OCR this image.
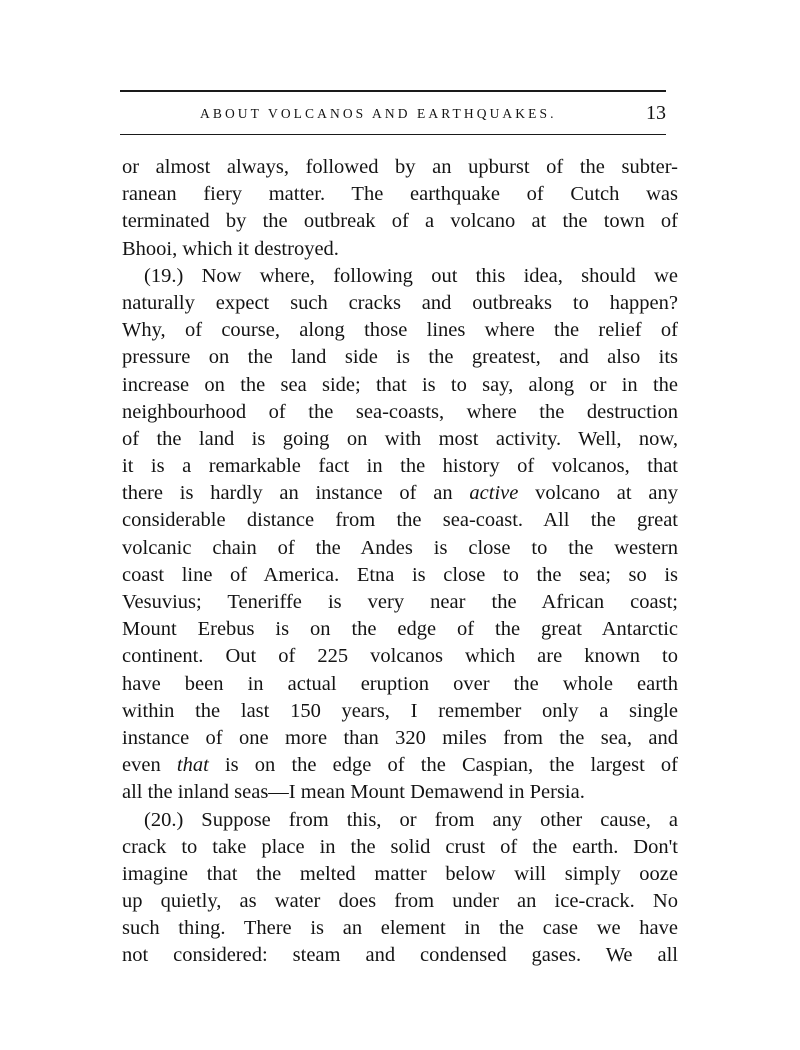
ABOUT VOLCANOS AND EARTHQUAKES.	13
or almost always, followed by an upburst of the subter-
ranean fiery matter. The earthquake of Cutch was
terminated by the outbreak of a volcano at the town of
Bhooi, which it destroyed.
(19.) Now where, following out this idea, should we
naturally expect such cracks and outbreaks to happen?
Why, of course, along those lines where the relief of
pressure on the land side is the greatest, and also its
increase on the sea side; that is to say, along or in the
neighbourhood of the sea-coasts, where the destruction
of the land is going on with most activity. Well, now,
it is a remarkable fact in the history of volcanos, that
there is hardly an instance of an active volcano at any
considerable distance from the sea-coast. All the great
volcanic chain of the Andes is close to the western
coast line of America. Etna is close to the sea; so is
Vesuvius; Teneriffe is very near the African coast;
Mount Erebus is on the edge of the great Antarctic
continent. Out of 225 volcanos which are known to
have been in actual eruption over the whole earth
within the last 150 years, I remember only a single
instance of one more than 320 miles from the sea, and
even that is on the edge of the Caspian, the largest of
all the inland seas—I mean Mount Demawend in Persia.
(20.) Suppose from this, or from any other cause, a
crack to take place in the solid crust of the earth. Don't
imagine that the melted matter below will simply ooze
up quietly, as water does from under an ice-crack. No
such thing. There is an element in the case we have
not considered: steam and condensed gases. We all
